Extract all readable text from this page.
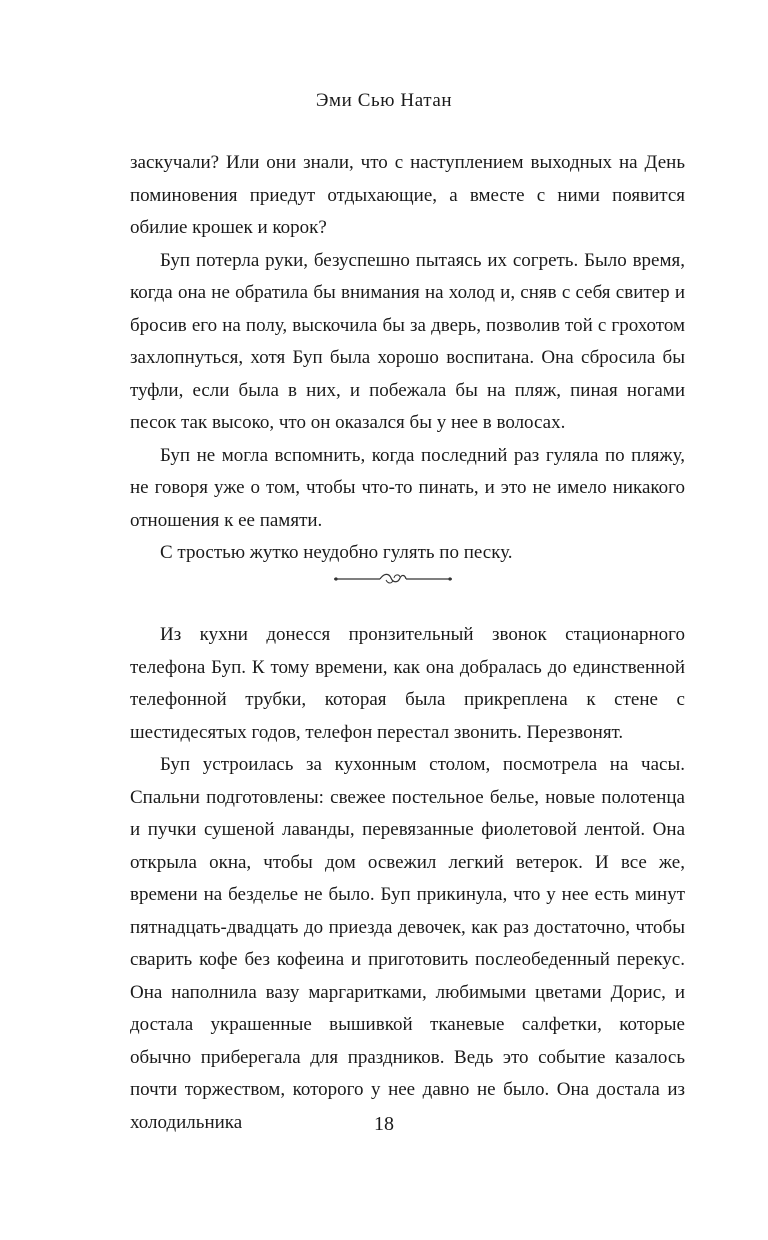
Эми Сью Натан

заскучали? Или они знали, что с наступлением выходных на День поминовения приедут отдыхающие, а вместе с ними появится обилие крошек и корок?

Буп потерла руки, безуспешно пытаясь их согреть. Было время, когда она не обратила бы внимания на холод и, сняв с себя свитер и бросив его на полу, выскочила бы за дверь, позволив той с грохотом захлопнуться, хотя Буп была хорошо воспитана. Она сбросила бы туфли, если была в них, и побежала бы на пляж, пиная ногами песок так высоко, что он оказался бы у нее в волосах.

Буп не могла вспомнить, когда последний раз гуляла по пляжу, не говоря уже о том, чтобы что-то пинать, и это не имело никакого отношения к ее памяти.

С тростью жутко неудобно гулять по песку.

Из кухни донесся пронзительный звонок стационарного телефона Буп. К тому времени, как она добралась до единственной телефонной трубки, которая была прикреплена к стене с шестидесятых годов, телефон перестал звонить. Перезвонят.

Буп устроилась за кухонным столом, посмотрела на часы. Спальни подготовлены: свежее постельное белье, новые полотенца и пучки сушеной лаванды, перевязанные фиолетовой лентой. Она открыла окна, чтобы дом освежил легкий ветерок. И все же, времени на безделье не было. Буп прикинула, что у нее есть минут пятнадцать-двадцать до приезда девочек, как раз достаточно, чтобы сварить кофе без кофеина и приготовить послеобеденный перекус. Она наполнила вазу маргаритками, любимыми цветами Дорис, и достала украшенные вышивкой тканевые салфетки, которые обычно приберегала для праздников. Ведь это событие казалось почти торжеством, которого у нее давно не было. Она достала из холодильника	18
